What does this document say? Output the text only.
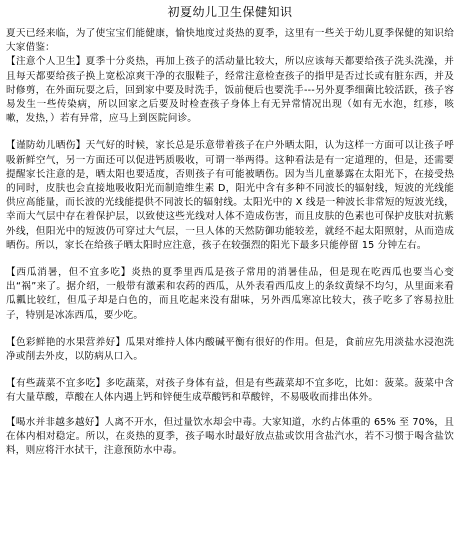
初夏幼儿卫生保健知识

夏天已经来临，为了使宝宝们能健康，愉快地度过炎热的夏季，这里有一些关于幼儿夏季保健的知识给大家借鉴：
【注意个人卫生】夏季十分炎热，再加上孩子的活动量比较大，所以应该每天都要给孩子洗头洗澡，并且每天都要给孩子换上宽松凉爽干净的衣服鞋子，经常注意检查孩子的指甲是否过长或有脏东西，并及时修剪，在外面玩耍之后，回到家中要及时洗手，饭前便后也要洗手---另外夏季细菌比较活跃，孩子容易发生一些传染病，所以回家之后要及时检查孩子身体上有无异常情况出现（如有无水泡，红疹，咳嗽，发热，）若有异常，应马上到医院问诊。

【谨防幼儿晒伤】天气好的时候，家长总是乐意带着孩子在户外晒太阳，认为这样一方面可以让孩子呼吸新鲜空气，另一方面还可以促进钙质吸收，可谓一举两得。这种看法是有一定道理的，但是，还需要提醒家长注意的是，晒太阳也要适度，否则孩子有可能被晒伤。因为当儿童暴露在太阳光下，在接受热的同时，皮肤也会直接地吸收阳光而制造维生素 D，阳光中含有多种不同波长的辐射线，短波的光线能供应高能量，而长波的光线能提供不同波长的辐射线。太阳光中的 X 线是一种波长非常短的短波光线，幸而大气层中存在着保护层，以致使这些光线对人体不造成伤害，而且皮肤的色素也可保护皮肤对抗紫外线，但阳光中的短波仍可穿过大气层，一旦人体的天然防御功能较差，就经不起太阳照射，从而造成晒伤。所以，家长在给孩子晒太阳时应注意，孩子在较强烈的阳光下最多只能停留 15 分钟左右。

【西瓜消暑，但不宜多吃】炎热的夏季里西瓜是孩子常用的消暑佳品，但是现在吃西瓜也要当心变出“祸”来了。据介绍，一般带有激素和农药的西瓜，从外表看西瓜皮上的条纹黄绿不均匀，从里面来看瓜瓤比较红，但瓜子却是白色的，而且吃起来没有甜味，另外西瓜寒凉比较大，孩子吃多了容易拉肚子，特别是冰冻西瓜，要少吃。

【色彩鲜艳的水果营养好】瓜果对维持人体内酸碱平衡有很好的作用。但是，食前应先用淡盐水浸泡洗净或削去外皮，以防病从口入。

【有些蔬菜不宜多吃】多吃蔬菜，对孩子身体有益，但是有些蔬菜却不宜多吃，比如：菠菜。菠菜中含有大量草酸，草酸在人体内遇上钙和锌便生成草酸钙和草酸锌，不易吸收而排出体外。

【喝水并非越多越好】人离不开水，但过量饮水却会中毒。大家知道，水约占体重的 65% 至 70%，且在体内相对稳定。所以，在炎热的夏季，孩子喝水时最好放点盐或饮用含盐汽水，若不习惯于喝含盐饮料，则应将汗水拭干，注意预防水中毒。
